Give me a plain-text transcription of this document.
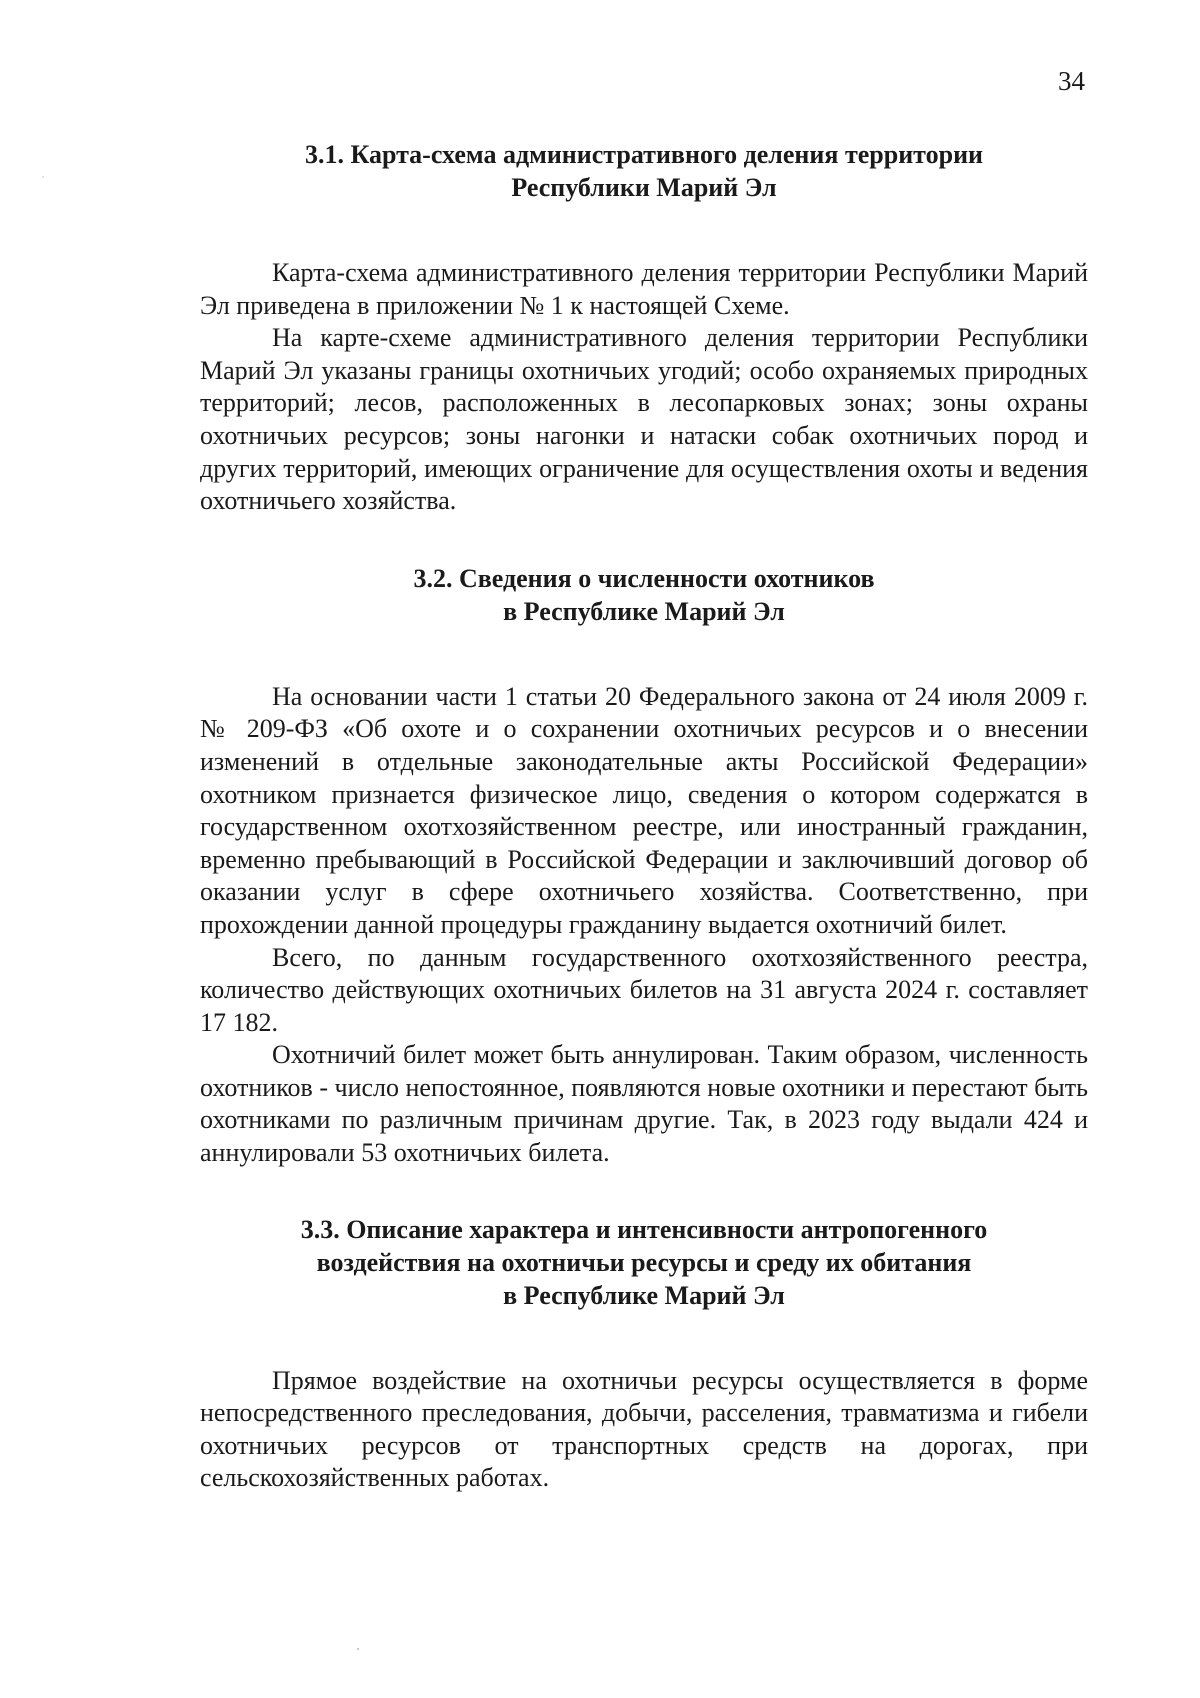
34
3.1. Карта-схема административного деления территории
Республики Марий Эл

Карта-схема административного деления территории Республики Марий Эл приведена в приложении № 1 к настоящей Схеме.

На карте-схеме административного деления территории Республики Марий Эл указаны границы охотничьих угодий; особо охраняемых природных территорий; лесов, расположенных в лесопарковых зонах; зоны охраны охотничьих ресурсов; зоны нагонки и натаски собак охотничьих пород и других территорий, имеющих ограничение для осуществления охоты и ведения охотничьего хозяйства.

3.2. Сведения о численности охотников
в Республике Марий Эл

На основании части 1 статьи 20 Федерального закона от 24 июля 2009 г. № 209-ФЗ «Об охоте и о сохранении охотничьих ресурсов и о внесении изменений в отдельные законодательные акты Российской Федерации» охотником признается физическое лицо, сведения о котором содержатся в государственном охотхозяйственном реестре, или иностранный гражданин, временно пребывающий в Российской Федерации и заключивший договор об оказании услуг в сфере охотничьего хозяйства. Соответственно, при прохождении данной процедуры гражданину выдается охотничий билет.

Всего, по данным государственного охотхозяйственного реестра, количество действующих охотничьих билетов на 31 августа 2024 г. составляет 17 182.

Охотничий билет может быть аннулирован. Таким образом, численность охотников - число непостоянное, появляются новые охотники и перестают быть охотниками по различным причинам другие. Так, в 2023 году выдали 424 и аннулировали 53 охотничьих билета.

3.3. Описание характера и интенсивности антропогенного
воздействия на охотничьи ресурсы и среду их обитания
в Республике Марий Эл

Прямое воздействие на охотничьи ресурсы осуществляется в форме непосредственного преследования, добычи, расселения, травматизма и гибели охотничьих ресурсов от транспортных средств на дорогах, при сельскохозяйственных работах.
